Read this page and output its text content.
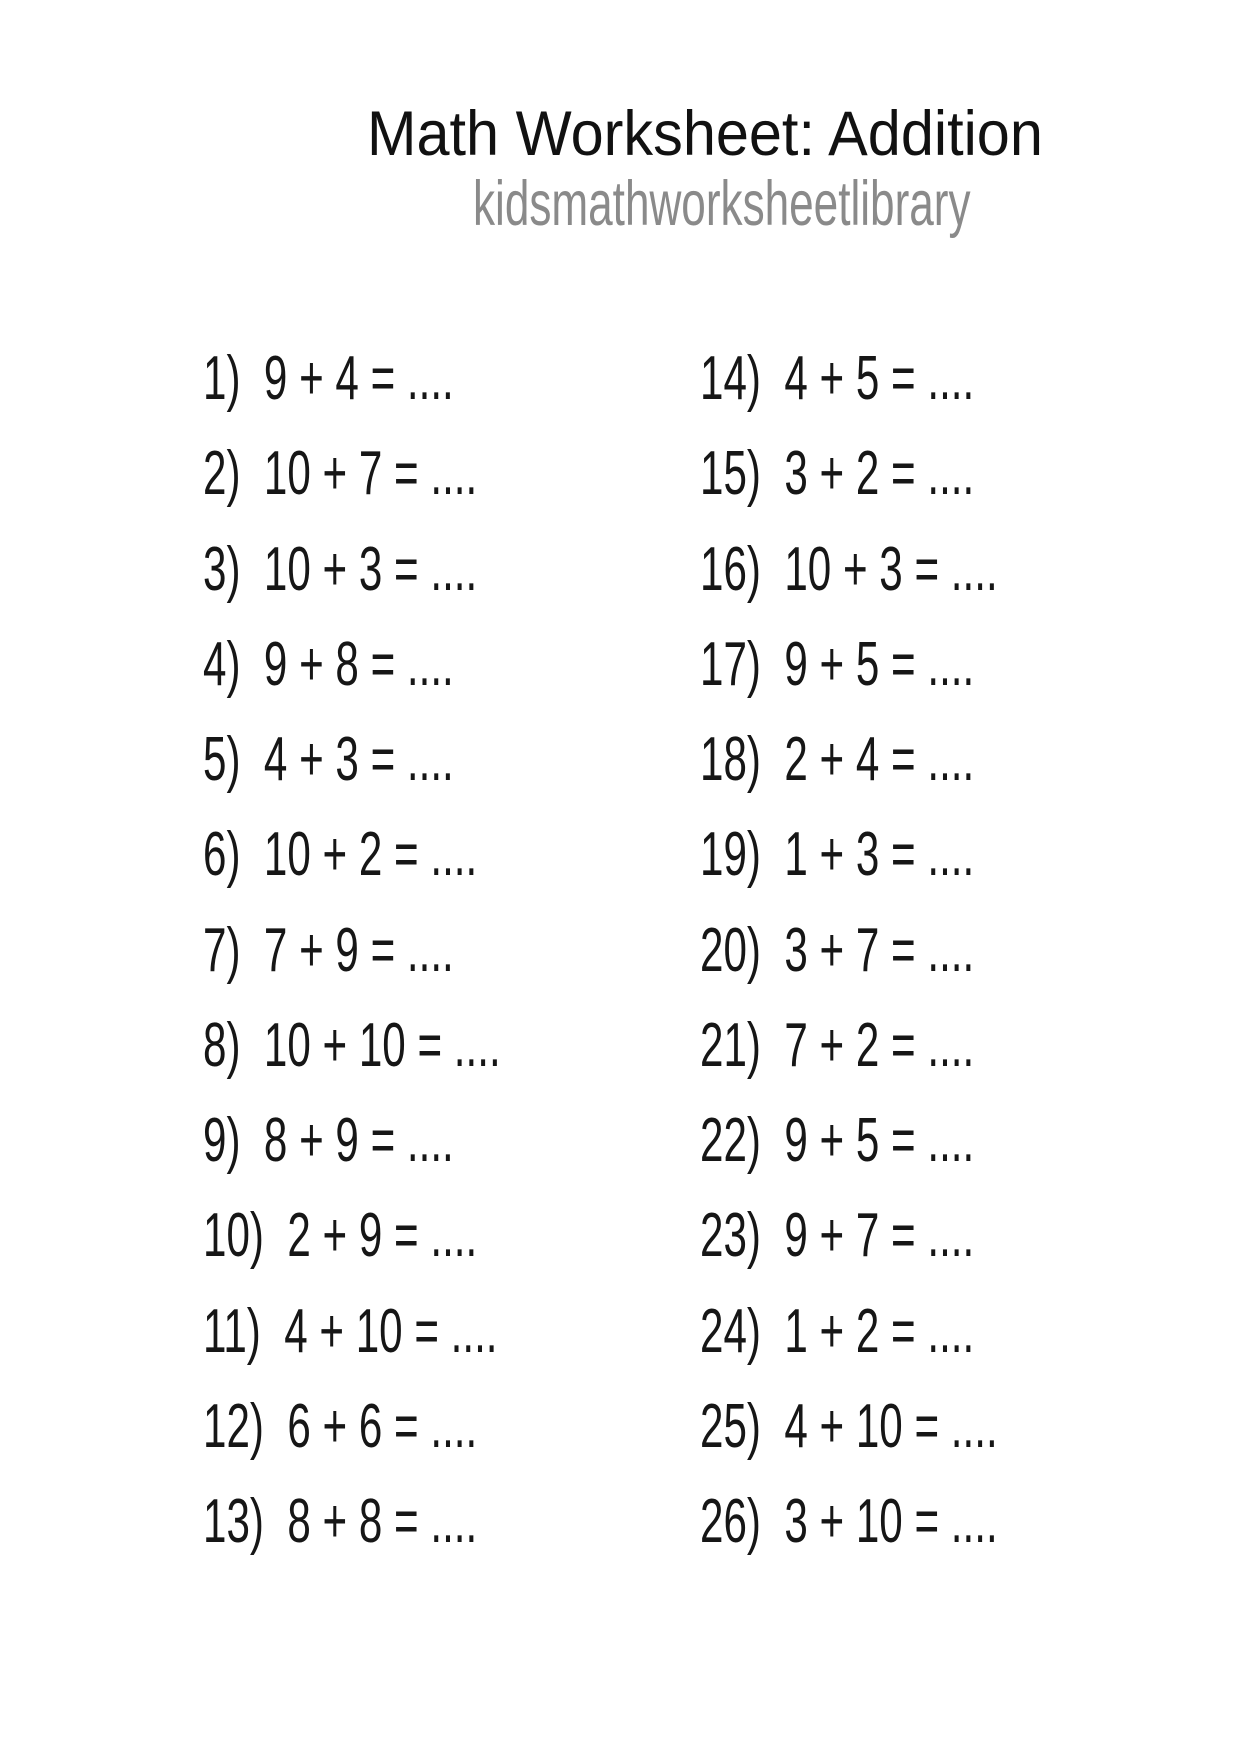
Math Worksheet: Addition
kidsmathworksheetlibrary
1)  9 + 4 = ....
2)  10 + 7 = ....
3)  10 + 3 = ....
4)  9 + 8 = ....
5)  4 + 3 = ....
6)  10 + 2 = ....
7)  7 + 9 = ....
8)  10 + 10 = ....
9)  8 + 9 = ....
10)  2 + 9 = ....
11)  4 + 10 = ....
12)  6 + 6 = ....
13)  8 + 8 = ....
14)  4 + 5 = ....
15)  3 + 2 = ....
16)  10 + 3 = ....
17)  9 + 5 = ....
18)  2 + 4 = ....
19)  1 + 3 = ....
20)  3 + 7 = ....
21)  7 + 2 = ....
22)  9 + 5 = ....
23)  9 + 7 = ....
24)  1 + 2 = ....
25)  4 + 10 = ....
26)  3 + 10 = ....
